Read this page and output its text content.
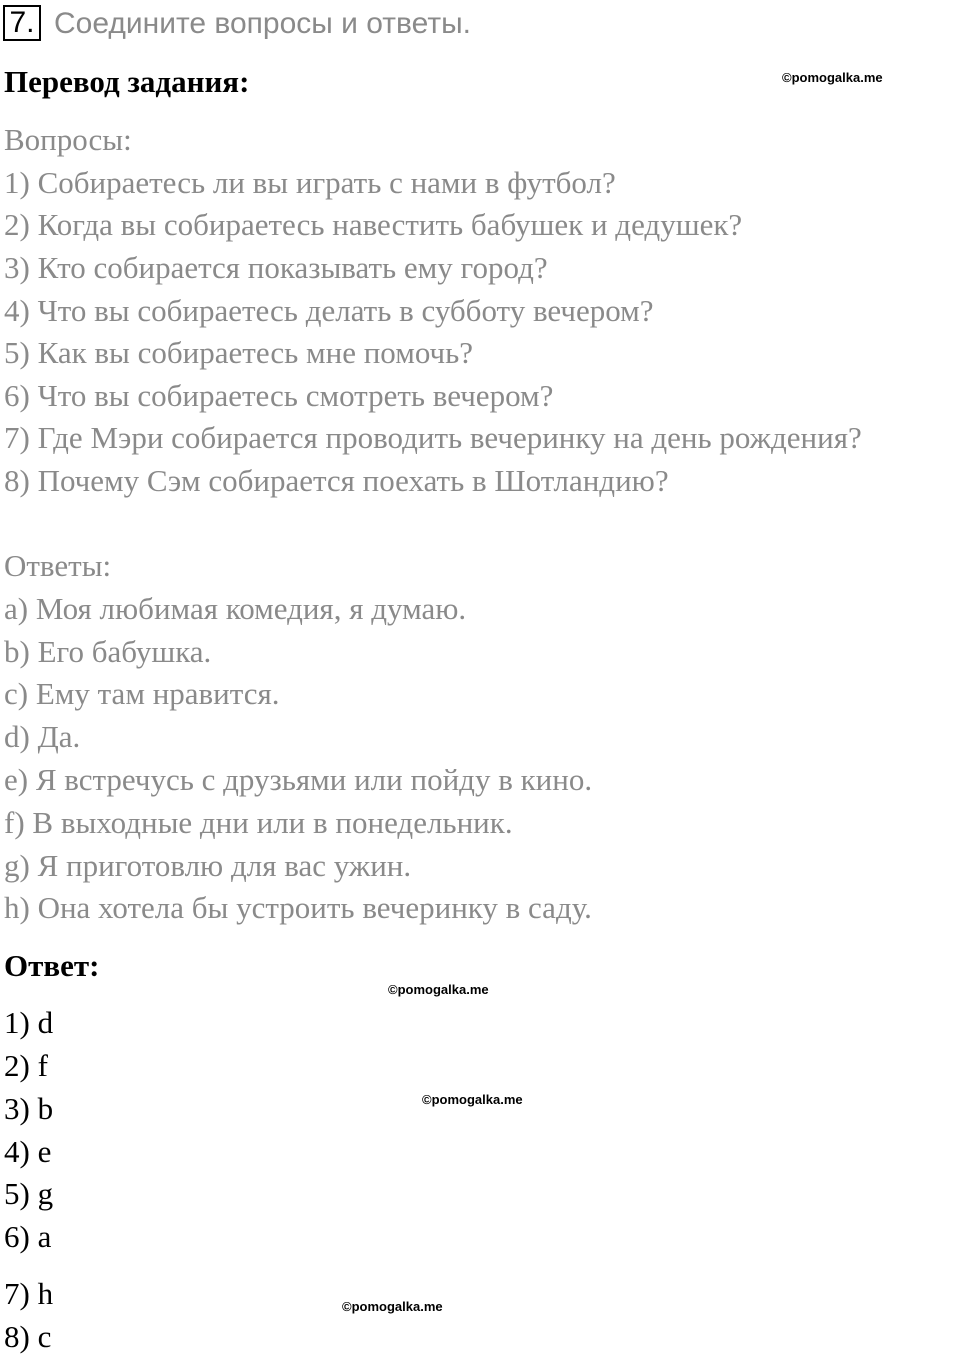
7. Соедините вопросы и ответы.
Перевод задания:	©pomogalka.me
Вопросы:
1) Собираетесь ли вы играть с нами в футбол?
2) Когда вы собираетесь навестить бабушек и дедушек?
3) Кто собирается показывать ему город?
4) Что вы собираетесь делать в субботу вечером?
5) Как вы собираетесь мне помочь?
6) Что вы собираетесь смотреть вечером?
7) Где Мэри собирается проводить вечеринку на день рождения?
8) Почему Сэм собирается поехать в Шотландию?
Ответы:
a) Моя любимая комедия, я думаю.
b) Его бабушка.
c) Ему там нравится.
d) Да.
e) Я встречусь с друзьями или пойду в кино.
f) В выходные дни или в понедельник.
g) Я приготовлю для вас ужин.
h) Она хотела бы устроить вечеринку в саду.
Ответ:
©pomogalka.me
1) d
2) f
3) b	©pomogalka.me
4) e
5) g
6) a
7) h	©pomogalka.me
8) c
